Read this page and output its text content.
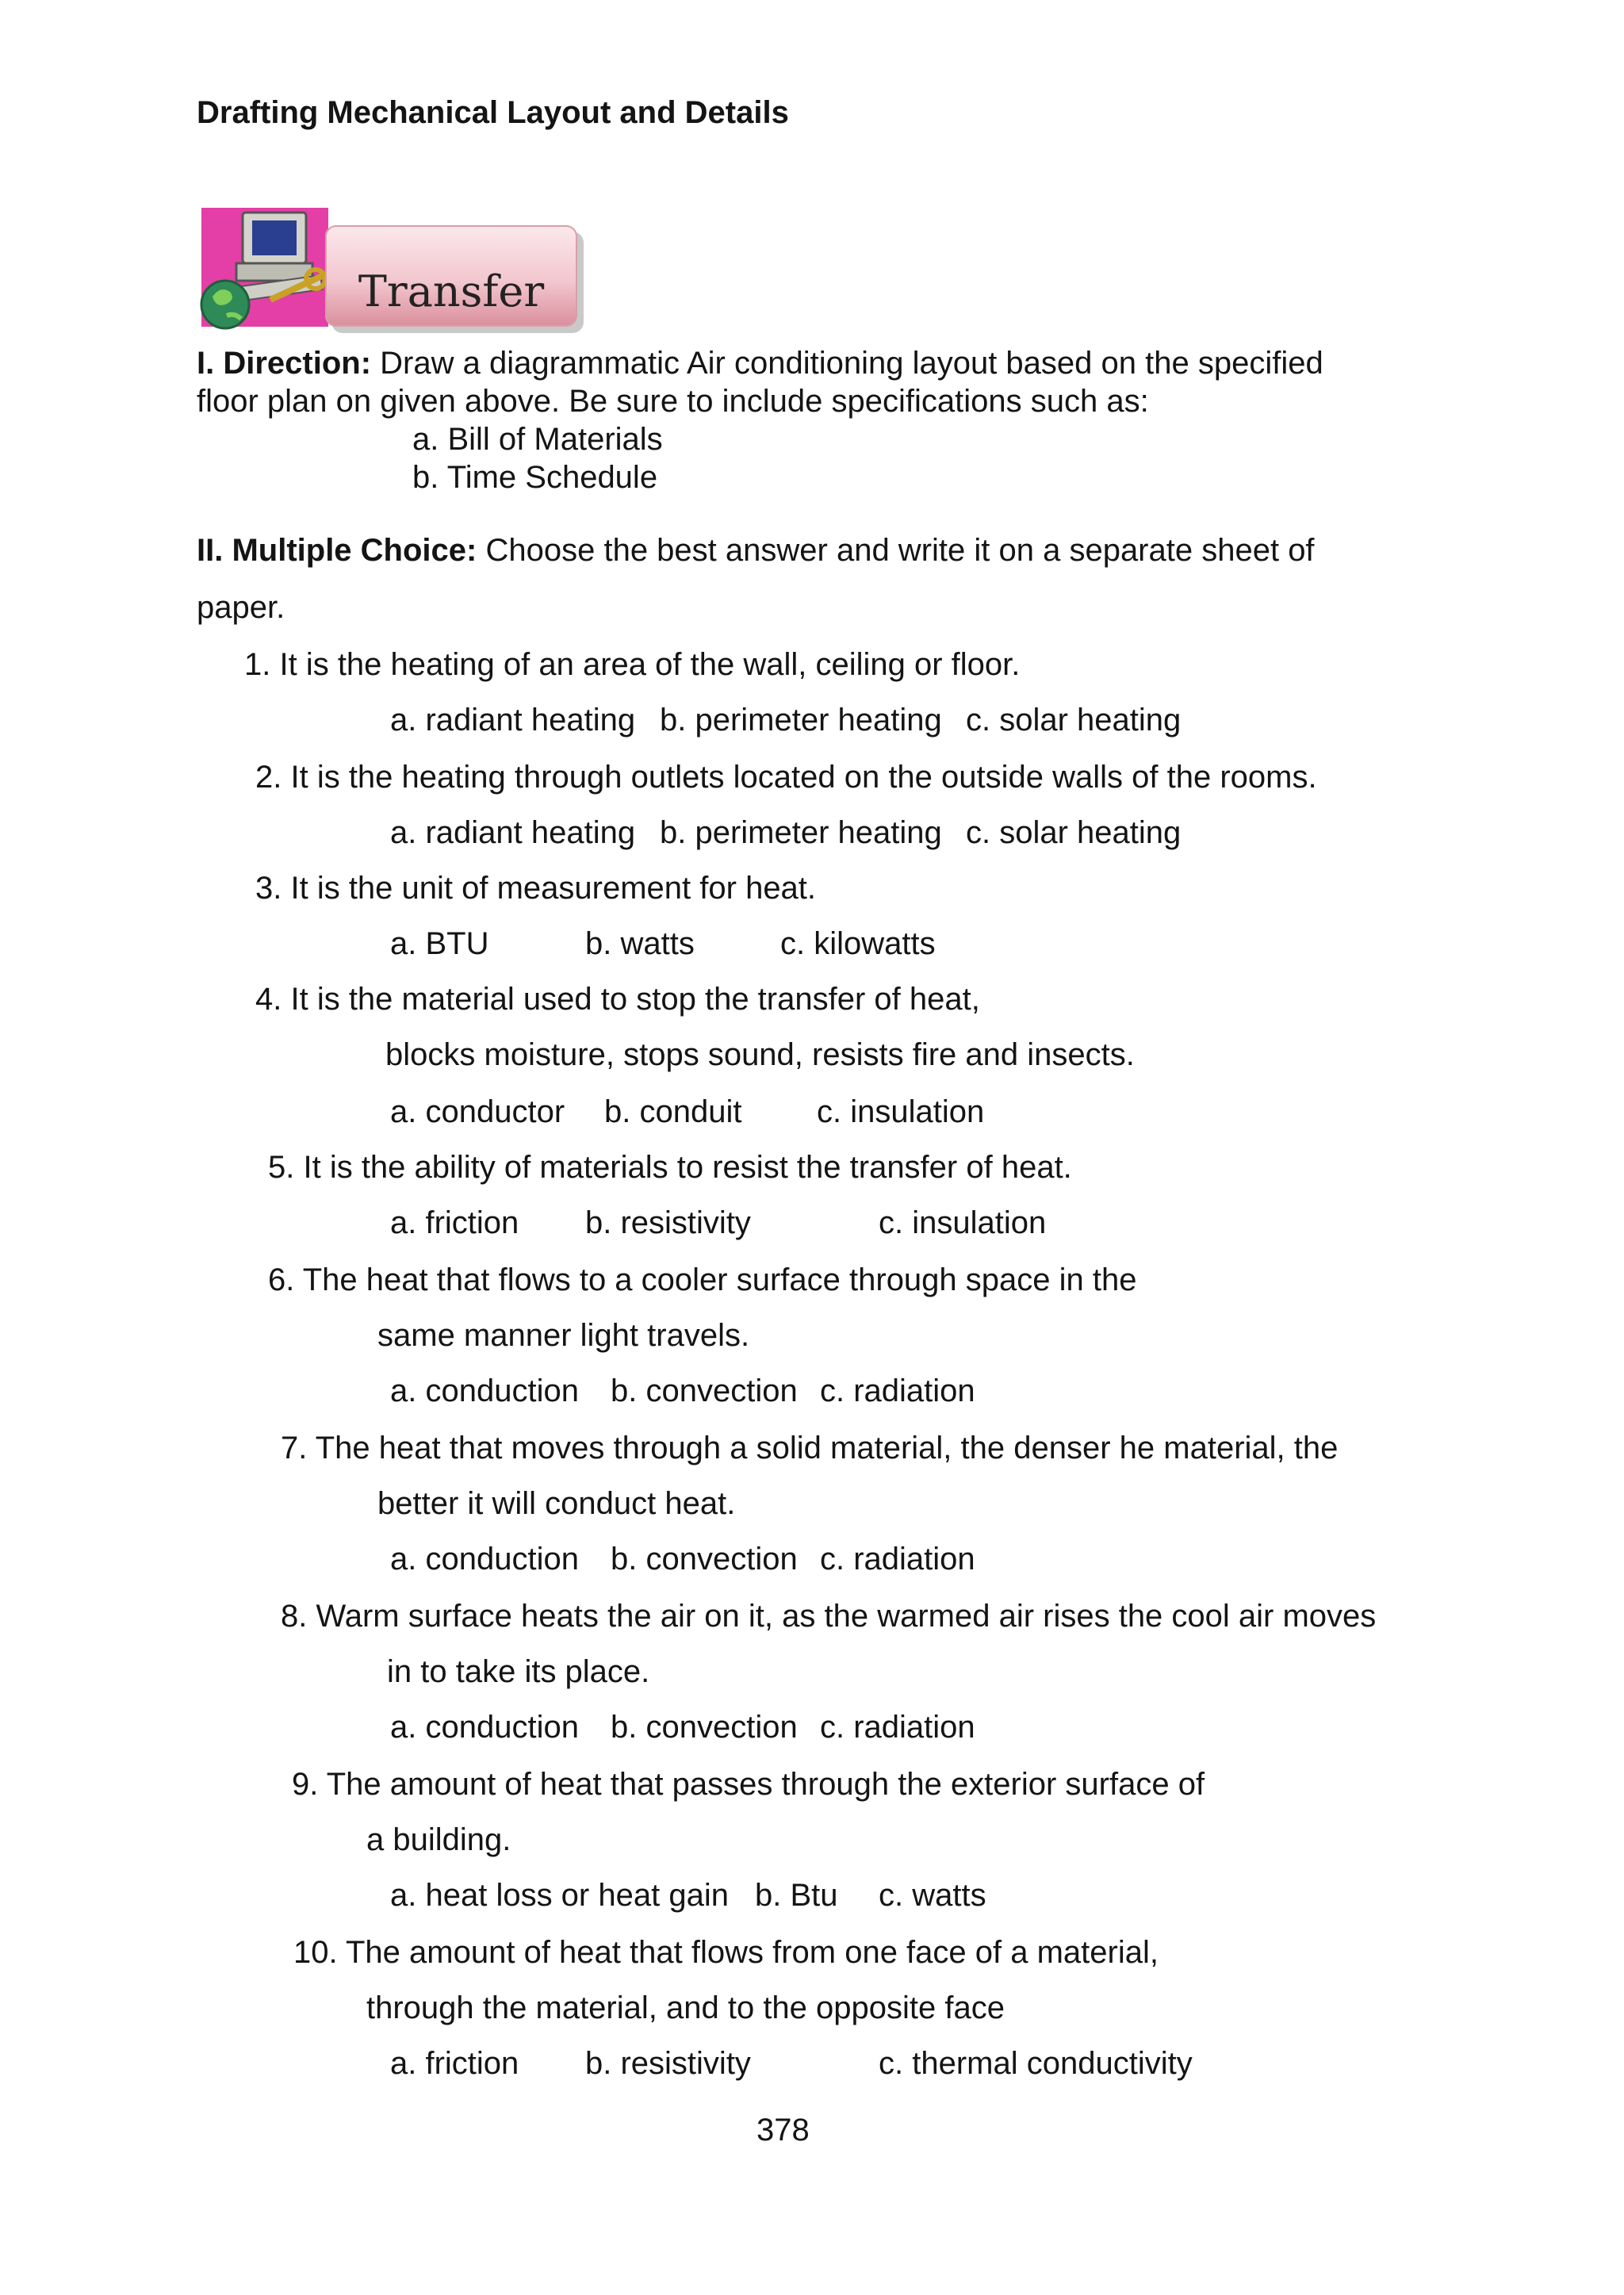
Drafting Mechanical Layout and Details
Transfer
I. Direction: Draw a diagrammatic Air conditioning layout based on the specified
floor plan on given above. Be sure to include specifications such as:
a. Bill of Materials
b. Time Schedule
II. Multiple Choice: Choose the best answer and write it on a separate sheet of
paper.
1. It is the heating of an area of the wall, ceiling or floor.
a. radiant heating b. perimeter heating c. solar heating
2. It is the heating through outlets located on the outside walls of the rooms.
a. radiant heating b. perimeter heating c. solar heating
3. It is the unit of measurement for heat.
a. BTU	b. watts	c. kilowatts
4. It is the material used to stop the transfer of heat,
blocks moisture, stops sound, resists fire and insects.
a. conductor b. conduit c. insulation
5. It is the ability of materials to resist the transfer of heat.
a. friction b. resistivity	c. insulation
6. The heat that flows to a cooler surface through space in the
same manner light travels.
a. conduction b. convection c. radiation
7. The heat that moves through a solid material, the denser he material, the
better it will conduct heat.
a. conduction b. convection c. radiation
8. Warm surface heats the air on it, as the warmed air rises the cool air moves
in to take its place.
a. conduction b. convection c. radiation
9. The amount of heat that passes through the exterior surface of
a building.
a. heat loss or heat gain b. Btu c. watts
10. The amount of heat that flows from one face of a material,
through the material, and to the opposite face
a. friction b. resistivity	c. thermal conductivity
378
